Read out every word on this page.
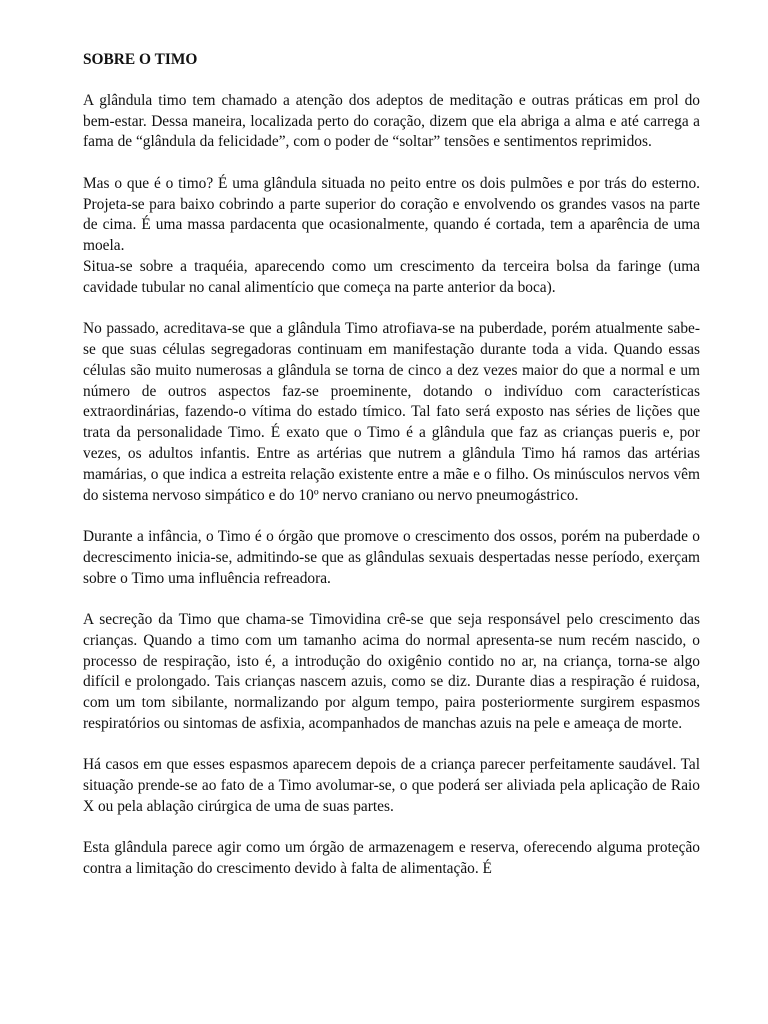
SOBRE O TIMO
A glândula timo tem chamado a atenção dos adeptos de meditação e outras práticas em prol do bem-estar. Dessa maneira, localizada perto do coração, dizem que ela abriga a alma e até carrega a fama de “glândula da felicidade”, com o poder de “soltar” tensões e sentimentos reprimidos.
Mas o que é o timo? É uma glândula situada no peito entre os dois pulmões e por trás do esterno. Projeta-se para baixo cobrindo a parte superior do coração e envolvendo os grandes vasos na parte de cima. É uma massa pardacenta que ocasionalmente, quando é cortada, tem a aparência de uma moela.
Situa-se sobre a traquéia, aparecendo como um crescimento da terceira bolsa da faringe (uma cavidade tubular no canal alimentício que começa na parte anterior da boca).
No passado, acreditava-se que a glândula Timo atrofiava-se na puberdade, porém atualmente sabe-se que suas células segregadoras continuam em manifestação durante toda a vida. Quando essas células são muito numerosas a glândula se torna de cinco a dez vezes maior do que a normal e um número de outros aspectos faz-se proeminente, dotando o indivíduo com características extraordinárias, fazendo-o vítima do estado tímico. Tal fato será exposto nas séries de lições que trata da personalidade Timo. É exato que o Timo é a glândula que faz as crianças pueris e, por vezes, os adultos infantis. Entre as artérias que nutrem a glândula Timo há ramos das artérias mamárias, o que indica a estreita relação existente entre a mãe e o filho. Os minúsculos nervos vêm do sistema nervoso simpático e do 10º nervo craniano ou nervo pneumogástrico.
Durante a infância, o Timo é o órgão que promove o crescimento dos ossos, porém na puberdade o decrescimento inicia-se, admitindo-se que as glândulas sexuais despertadas nesse período, exerçam sobre o Timo uma influência refreadora.
A secreção da Timo que chama-se Timovidina crê-se que seja responsável pelo crescimento das crianças. Quando a timo com um tamanho acima do normal apresenta-se num recém nascido, o processo de respiração, isto é, a introdução do oxigênio contido no ar, na criança, torna-se algo difícil e prolongado. Tais crianças nascem azuis, como se diz. Durante dias a respiração é ruidosa, com um tom sibilante, normalizando por algum tempo, paira posteriormente surgirem espasmos respiratórios ou sintomas de asfixia, acompanhados de manchas azuis na pele e ameaça de morte.
Há casos em que esses espasmos aparecem depois de a criança parecer perfeitamente saudável. Tal situação prende-se ao fato de a Timo avolumar-se, o que poderá ser aliviada pela aplicação de Raio X ou pela ablação cirúrgica de uma de suas partes.
Esta glândula parece agir como um órgão de armazenagem e reserva, oferecendo alguma proteção contra a limitação do crescimento devido à falta de alimentação. É
